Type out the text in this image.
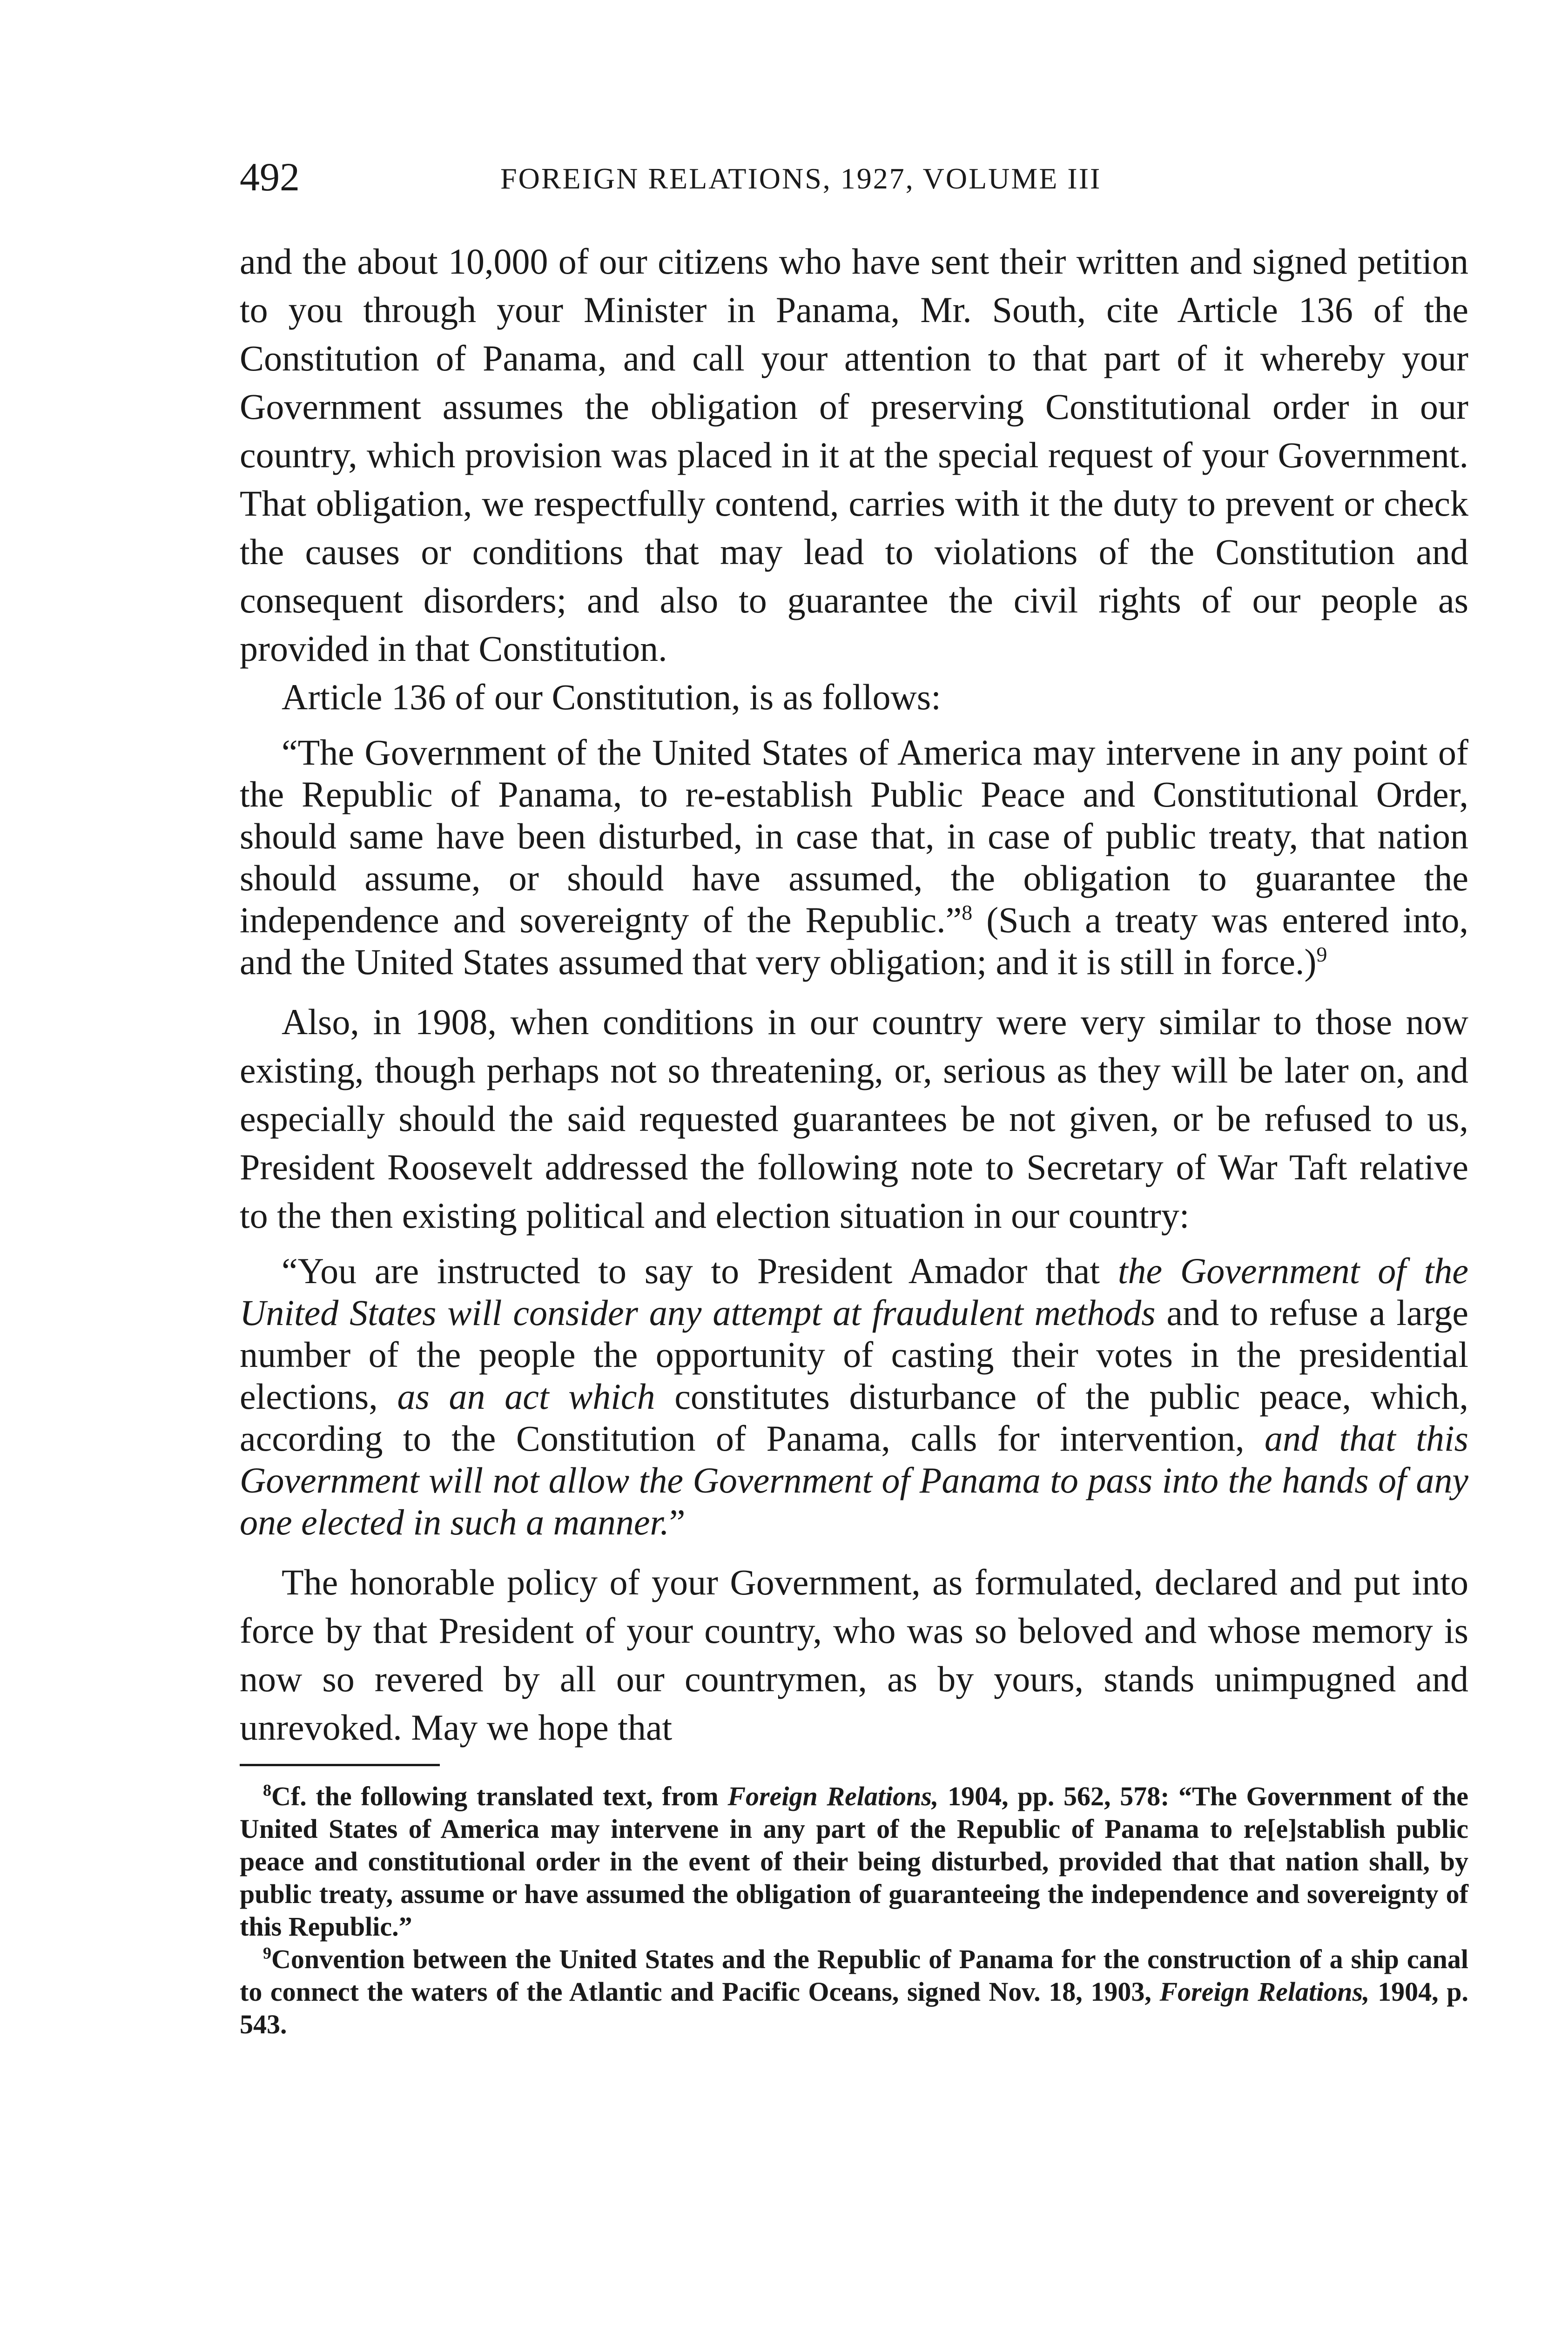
492	FOREIGN RELATIONS, 1927, VOLUME III

and the about 10,000 of our citizens who have sent their written and signed petition to you through your Minister in Panama, Mr. South, cite Article 136 of the Constitution of Panama, and call your attention to that part of it whereby your Government assumes the obligation of preserving Constitutional order in our country, which provision was placed in it at the special request of your Government. That obligation, we respectfully contend, carries with it the duty to prevent or check the causes or conditions that may lead to violations of the Constitution and consequent disorders; and also to guarantee the civil rights of our people as provided in that Constitution.

Article 136 of our Constitution, is as follows:

“The Government of the United States of America may intervene in any point of the Republic of Panama, to re-establish Public Peace and Constitutional Order, should same have been disturbed, in case that, in case of public treaty, that nation should assume, or should have assumed, the obligation to guarantee the independence and sovereignty of the Republic.”$^8$ (Such a treaty was entered into, and the United States assumed that very obligation; and it is still in force.)$^9$

Also, in 1908, when conditions in our country were very similar to those now existing, though perhaps not so threatening, or, serious as they will be later on, and especially should the said requested guarantees be not given, or be refused to us, President Roosevelt addressed the following note to Secretary of War Taft relative to the then existing political and election situation in our country:

“You are instructed to say to President Amador that the Government of the United States will consider any attempt at fraudulent methods and to refuse a large number of the people the opportunity of casting their votes in the presidential elections, as an act which constitutes disturbance of the public peace, which, according to the Constitution of Panama, calls for intervention, and that this Government will not allow the Government of Panama to pass into the hands of any one elected in such a manner.”

The honorable policy of your Government, as formulated, declared and put into force by that President of your country, who was so beloved and whose memory is now so revered by all our countrymen, as by yours, stands unimpugned and unrevoked. May we hope that

$^8$Cf. the following translated text, from Foreign Relations, 1904, pp. 562, 578: “The Government of the United States of America may intervene in any part of the Republic of Panama to re[e]stablish public peace and constitutional order in the event of their being disturbed, provided that that nation shall, by public treaty, assume or have assumed the obligation of guaranteeing the independence and sovereignty of this Republic.”

$^9$Convention between the United States and the Republic of Panama for the construction of a ship canal to connect the waters of the Atlantic and Pacific Oceans, signed Nov. 18, 1903, Foreign Relations, 1904, p. 543.
